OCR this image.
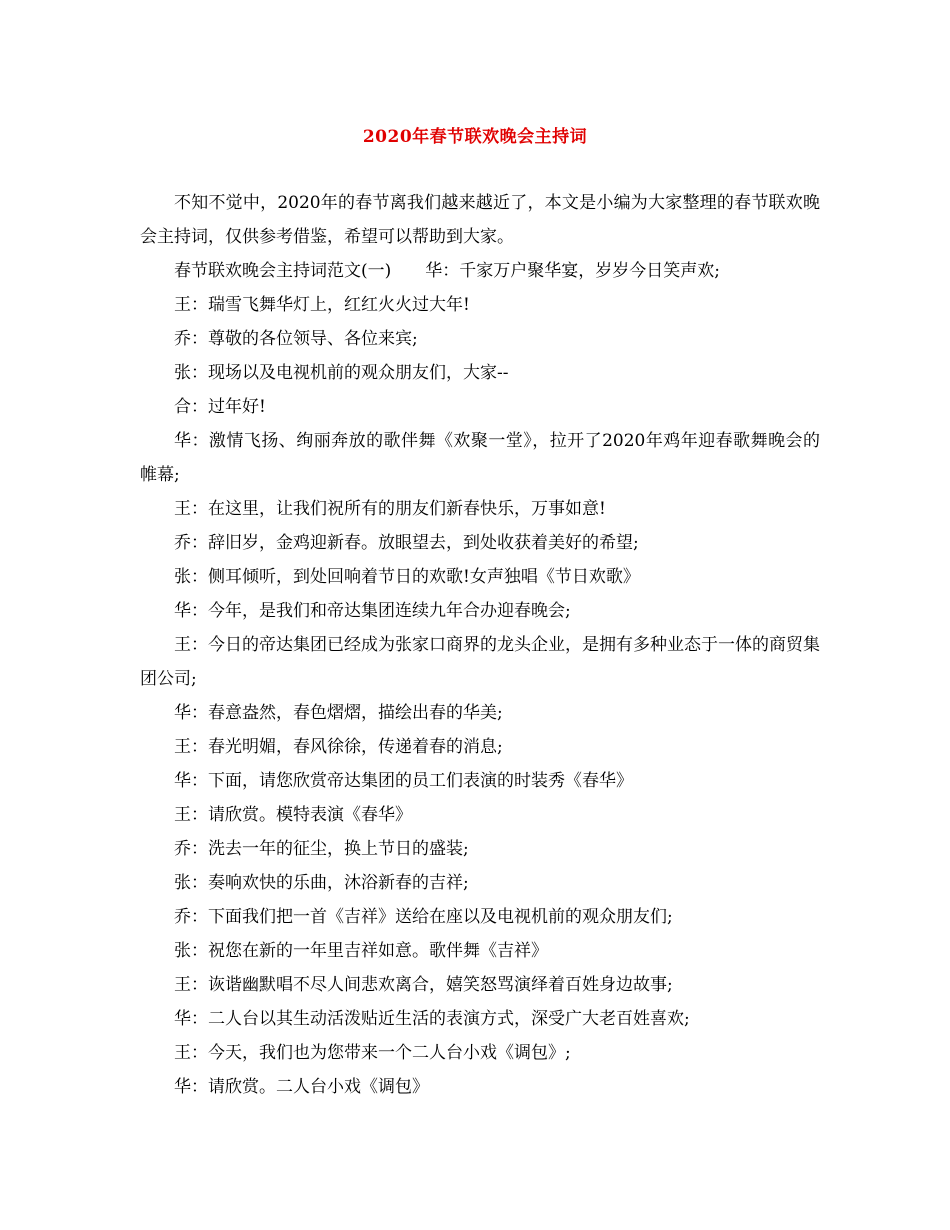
2020年春节联欢晚会主持词

不知不觉中，2020年的春节离我们越来越近了，本文是小编为大家整理的春节联欢晚会主持词，仅供参考借鉴，希望可以帮助到大家。

春节联欢晚会主持词范文(一)　　华：千家万户聚华宴，岁岁今日笑声欢;

王：瑞雪飞舞华灯上，红红火火过大年!

乔：尊敬的各位领导、各位来宾;

张：现场以及电视机前的观众朋友们，大家--

合：过年好!

华：激情飞扬、绚丽奔放的歌伴舞《欢聚一堂》，拉开了2020年鸡年迎春歌舞晚会的帷幕;

王：在这里，让我们祝所有的朋友们新春快乐，万事如意!

乔：辞旧岁，金鸡迎新春。放眼望去，到处收获着美好的希望;

张：侧耳倾听，到处回响着节日的欢歌!女声独唱《节日欢歌》

华：今年，是我们和帝达集团连续九年合办迎春晚会;

王：今日的帝达集团已经成为张家口商界的龙头企业，是拥有多种业态于一体的商贸集团公司;

华：春意盎然，春色熠熠，描绘出春的华美;

王：春光明媚，春风徐徐，传递着春的消息;

华：下面，请您欣赏帝达集团的员工们表演的时装秀《春华》

王：请欣赏。模特表演《春华》

乔：洗去一年的征尘，换上节日的盛装;

张：奏响欢快的乐曲，沐浴新春的吉祥;

乔：下面我们把一首《吉祥》送给在座以及电视机前的观众朋友们;

张：祝您在新的一年里吉祥如意。歌伴舞《吉祥》

王：诙谐幽默唱不尽人间悲欢离合，嬉笑怒骂演绎着百姓身边故事;

华：二人台以其生动活泼贴近生活的表演方式，深受广大老百姓喜欢;

王：今天，我们也为您带来一个二人台小戏《调包》;

华：请欣赏。二人台小戏《调包》
